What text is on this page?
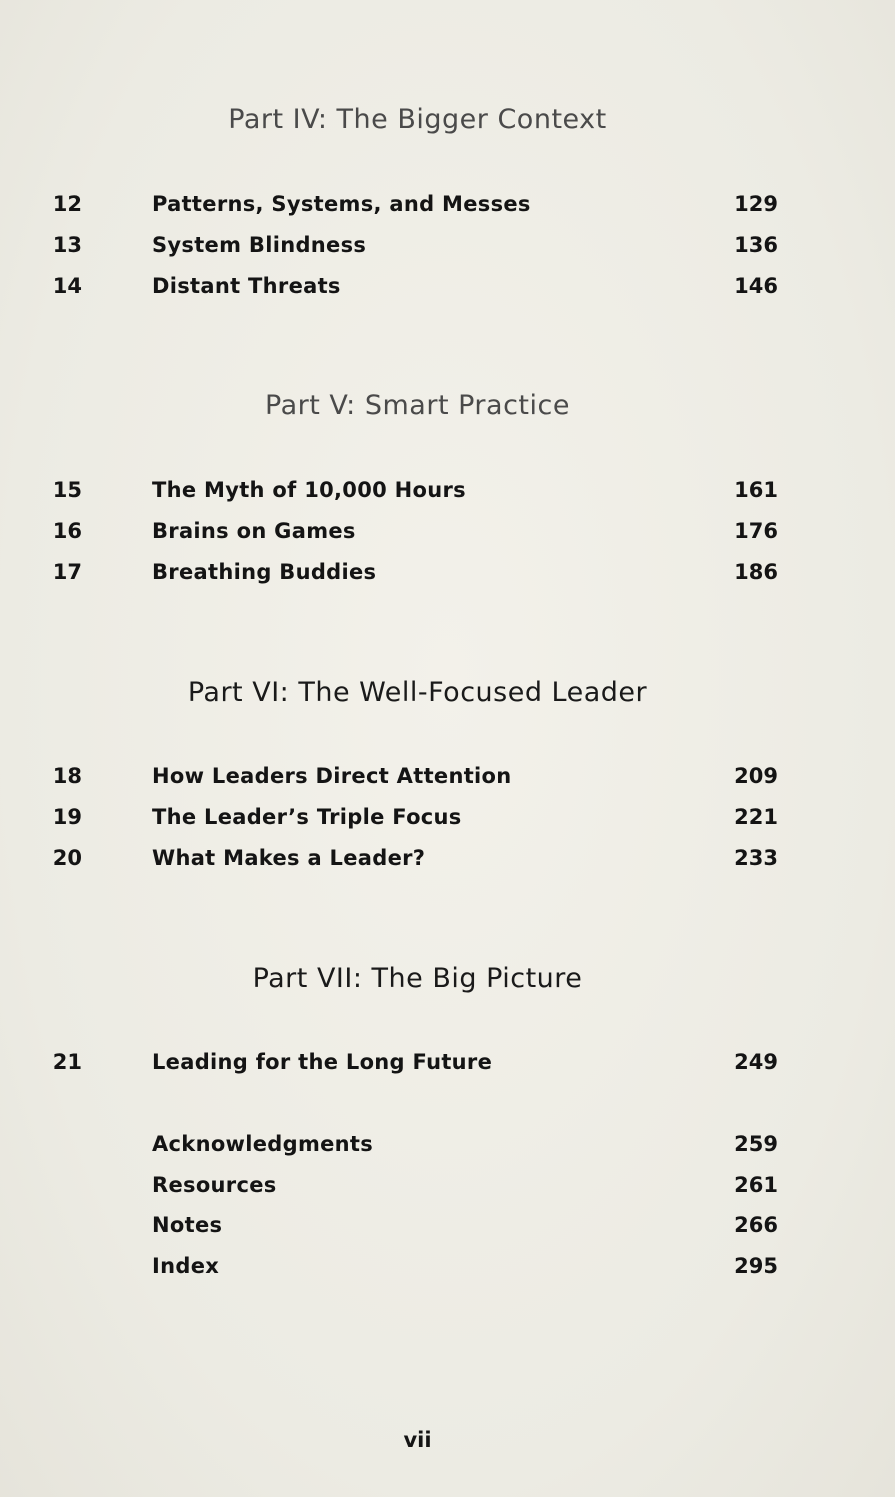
Part IV: The Bigger Context
12	Patterns, Systems, and Messes	129
13	System Blindness	136
14	Distant Threats	146
Part V: Smart Practice
15	The Myth of 10,000 Hours	161
16	Brains on Games	176
17	Breathing Buddies	186
Part VI: The Well-Focused Leader
18	How Leaders Direct Attention	209
19	The Leader’s Triple Focus	221
20	What Makes a Leader?	233
Part VII: The Big Picture
21	Leading for the Long Future	249
Acknowledgments	259
Resources	261
Notes	266
Index	295
vii
